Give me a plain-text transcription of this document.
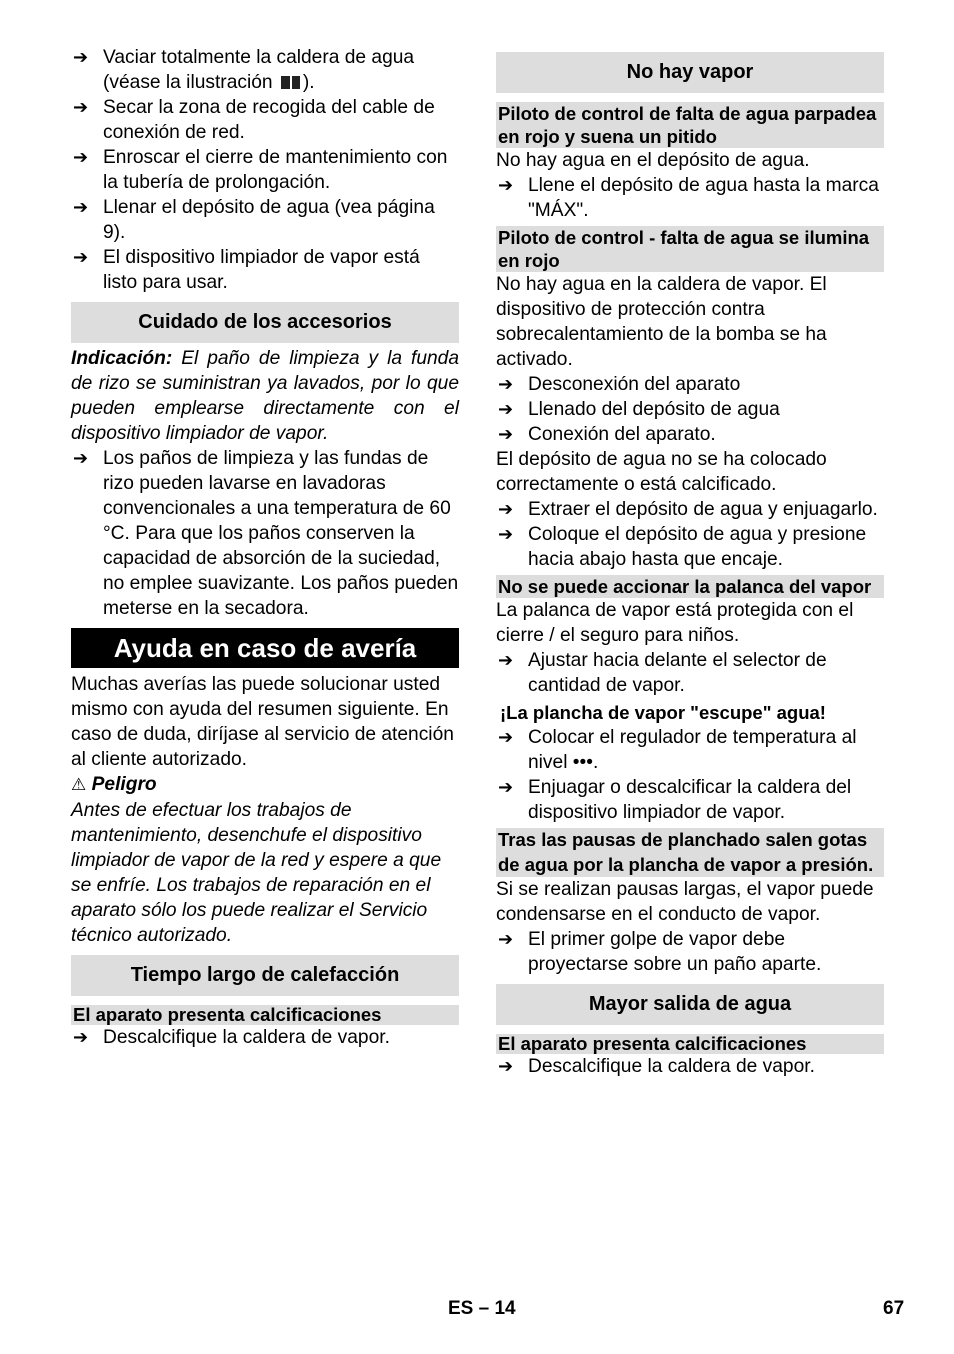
➔ Vaciar totalmente la caldera de agua (véase la ilustración ).
➔ Secar la zona de recogida del cable de conexión de red.
➔ Enroscar el cierre de mantenimiento con la tubería de prolongación.
➔ Llenar el depósito de agua (vea página 9).
➔ El dispositivo limpiador de vapor está listo para usar.
Cuidado de los accesorios
Indicación: El paño de limpieza y la funda de rizo se suministran ya lavados, por lo que pueden emplearse directamente con el dispositivo limpiador de vapor.
➔ Los paños de limpieza y las fundas de rizo pueden lavarse en lavadoras convencionales a una temperatura de 60 °C. Para que los paños conserven la capacidad de absorción de la suciedad, no emplee suavizante. Los paños pueden meterse en la secadora.
Ayuda en caso de avería
Muchas averías las puede solucionar usted mismo con ayuda del resumen siguiente. En caso de duda, diríjase al servicio de atención al cliente autorizado.
⚠ Peligro
Antes de efectuar los trabajos de mantenimiento, desenchufe el dispositivo limpiador de vapor de la red y espere a que se enfríe. Los trabajos de reparación en el aparato sólo los puede realizar el Servicio técnico autorizado.
Tiempo largo de calefacción
El aparato presenta calcificaciones
➔ Descalcifique la caldera de vapor.
No hay vapor
Piloto de control de falta de agua parpadea en rojo y suena un pitido
No hay agua en el depósito de agua.
➔ Llene el depósito de agua hasta la marca "MÁX".
Piloto de control - falta de agua se ilumina en rojo
No hay agua en la caldera de vapor. El dispositivo de protección contra sobrecalentamiento de la bomba se ha activado.
➔ Desconexión del aparato
➔ Llenado del depósito de agua
➔ Conexión del aparato.
El depósito de agua no se ha colocado correctamente o está calcificado.
➔ Extraer el depósito de agua y enjuagarlo.
➔ Coloque el depósito de agua y presione hacia abajo hasta que encaje.
No se puede accionar la palanca del vapor
La palanca de vapor está protegida con el cierre / el seguro para niños.
➔ Ajustar hacia delante el selector de cantidad de vapor.
¡La plancha de vapor "escupe" agua!
➔ Colocar el regulador de temperatura al nivel •••.
➔ Enjuagar o descalcificar la caldera del dispositivo limpiador de vapor.
Tras las pausas de planchado salen gotas de agua por la plancha de vapor a presión.
Si se realizan pausas largas, el vapor puede condensarse en el conducto de vapor.
➔ El primer golpe de vapor debe proyectarse sobre un paño aparte.
Mayor salida de agua
El aparato presenta calcificaciones
➔ Descalcifique la caldera de vapor.
ES – 14	67
